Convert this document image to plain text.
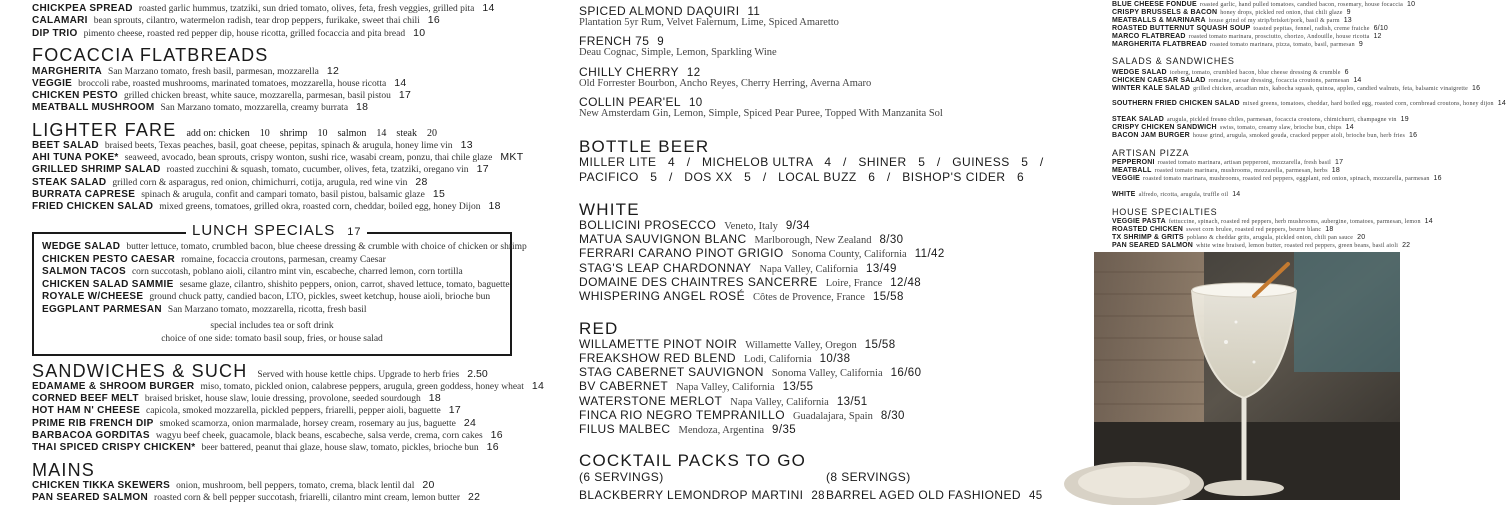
CHICKPEA SPREAD roasted garlic hummus, tzatziki, sun dried tomato, olives, feta, fresh veggies, grilled pita 14
CALAMARI bean sprouts, cilantro, watermelon radish, tear drop peppers, furikake, sweet thai chili 16
DIP TRIO pimento cheese, roasted red pepper dip, house ricotta, grilled focaccia and pita bread 10
FOCACCIA FLATBREADS
MARGHERITA San Marzano tomato, fresh basil, parmesan, mozzarella 12
VEGGIE broccoli rabe, roasted mushrooms, marinated tomatoes, mozzarella, house ricotta 14
CHICKEN PESTO grilled chicken breast, white sauce, mozzarella, parmesan, basil pistou 17
MEATBALL MUSHROOM San Marzano tomato, mozzarella, creamy burrata 18
LIGHTER FARE add on: chicken 10 shrimp 10 salmon 14 steak 20
BEET SALAD braised beets, Texas peaches, basil, goat cheese, pepitas, spinach & arugula, honey lime vin 13
AHI TUNA POKE* seaweed, avocado, bean sprouts, crispy wonton, sushi rice, wasabi cream, ponzu, thai chile glaze MKT
GRILLED SHRIMP SALAD roasted zucchini & squash, tomato, cucumber, olives, feta, tzatziki, oregano vin 17
STEAK SALAD grilled corn & asparagus, red onion, chimichurri, cotija, arugula, red wine vin 28
BURRATA CAPRESE spinach & arugula, confit and campari tomato, basil pistou, balsamic glaze 15
FRIED CHICKEN SALAD mixed greens, tomatoes, grilled okra, roasted corn, cheddar, boiled egg, honey Dijon 18
LUNCH SPECIALS 17
WEDGE SALAD butter lettuce, tomato, crumbled bacon, blue cheese dressing & crumble with choice of chicken or shrimp
CHICKEN PESTO CAESAR romaine, focaccia croutons, parmesan, creamy Caesar
SALMON TACOS corn succotash, poblano aioli, cilantro mint vin, escabeche, charred lemon, corn tortilla
CHICKEN SALAD SAMMIE sesame glaze, cilantro, shishito peppers, onion, carrot, shaved lettuce, tomato, baguette
ROYALE W/CHEESE ground chuck patty, candied bacon, LTO, pickles, sweet ketchup, house aioli, brioche bun
EGGPLANT PARMESAN San Marzano tomato, mozzarella, ricotta, fresh basil
special includes tea or soft drink
choice of one side: tomato basil soup, fries, or house salad
SANDWICHES & SUCH Served with house kettle chips. Upgrade to herb fries 2.50
EDAMAME & SHROOM BURGER miso, tomato, pickled onion, calabrese peppers, arugula, green goddess, honey wheat 14
CORNED BEEF MELT braised brisket, house slaw, louie dressing, provolone, seeded sourdough 18
HOT HAM N' CHEESE capicola, smoked mozzarella, pickled peppers, friarelli, pepper aioli, baguette 17
PRIME RIB FRENCH DIP smoked scamorza, onion marmalade, horsey cream, rosemary au jus, baguette 24
BARBACOA GORDITAS wagyu beef cheek, guacamole, black beans, escabeche, salsa verde, crema, corn cakes 16
THAI SPICED CRISPY CHICKEN* beer battered, peanut thai glaze, house slaw, tomato, pickles, brioche bun 16
MAINS
CHICKEN TIKKA SKEWERS onion, mushroom, bell peppers, tomato, crema, black lentil dal 20
PAN SEARED SALMON roasted corn & bell pepper succotash, friarelli, cilantro mint cream, lemon butter 22
SPICED ALMOND DAQUIRI 11
Plantation 5yr Rum, Velvet Falernum, Lime, Spiced Amaretto
FRENCH 75 9
Deau Cognac, Simple, Lemon, Sparkling Wine
CHILLY CHERRY 12
Old Forrester Bourbon, Ancho Reyes, Cherry Herring, Averna Amaro
COLLIN PEAR'EL 10
New Amsterdam Gin, Lemon, Simple, Spiced Pear Puree, Topped With Manzanita Sol
BOTTLE BEER
MILLER LITE   4   /   MICHELOB ULTRA   4   /   SHINER   5   /   GUINESS   5   /
PACIFICO   5   /   DOS XX   5   /   LOCAL BUZZ   6   /   BISHOP'S CIDER   6
WHITE
BOLLICINI PROSECCO Veneto, Italy 9/34
MATUA SAUVIGNON BLANC Marlborough, New Zealand 8/30
FERRARI CARANO PINOT GRIGIO Sonoma County, California 11/42
STAG'S LEAP CHARDONNAY Napa Valley, California 13/49
DOMAINE DES CHAINTRES SANCERRE Loire, France 12/48
WHISPERING ANGEL ROSÉ Côtes de Provence, France 15/58
RED
WILLAMETTE PINOT NOIR Willamette Valley, Oregon 15/58
FREAKSHOW RED BLEND Lodi, California 10/38
STAG CABERNET SAUVIGNON Sonoma Valley, California 16/60
BV CABERNET Napa Valley, California 13/55
WATERSTONE MERLOT Napa Valley, California 13/51
FINCA RIO NEGRO TEMPRANILLO Guadalajara, Spain 8/30
FILUS MALBEC Mendoza, Argentina 9/35
COCKTAIL PACKS TO GO
(6 SERVINGS)	(8 SERVINGS)
BLACKBERRY LEMONDROP MARTINI 28 BARREL AGED OLD FASHIONED 45
BLUE CHEESE FONDUE roasted garlic, hand pulled tomatoes, candied bacon, rosemary, house focaccia 10
CRISPY BRUSSELS & BACON honey drops, pickled red onion, thai chili glaze 9
MEATBALLS & MARINARA house grind of my strip/brisket/pork, basil & parm 13
ROASTED BUTTERNUT SQUASH SOUP toasted pepitas, fennel, radish, creme fraiche 6/10
MARCO FLATBREAD roasted tomato marinara, prosciutto, chorizo, Andouille, house ricotta 12
MARGHERITA FLATBREAD roasted tomato marinara, pizza, tomato, basil, parmesan 9
SALADS & SANDWICHES
WEDGE SALAD iceberg, tomato, crumbled bacon, blue cheese dressing & crumble 6
CHICKEN CAESAR SALAD romaine, caesar dressing, focaccia croutons, parmesan 14
WINTER KALE SALAD grilled chicken, arcadian mix, kabocha squash, quinoa, apples, candied walnuts, feta, balsamic vinaigrette 16
SOUTHERN FRIED CHICKEN SALAD mixed greens, tomatoes, cheddar, hard boiled egg, roasted corn, cornbread croutons, honey dijon 14
STEAK SALAD arugula, pickled fresno chiles, parmesan, focaccia croutons, chimichurri, champagne vin 19
CRISPY CHICKEN SANDWICH swiss, tomato, creamy slaw, brioche bun, chips 14
BACON JAM BURGER house grind, arugula, smoked gouda, cracked pepper aioli, brioche bun, herb fries 16
ARTISAN PIZZA
PEPPERONI roasted tomato marinara, artisan pepperoni, mozzarella, fresh basil 17
MEATBALL roasted tomato marinara, mushrooms, mozzarella, parmesan, herbs 18
VEGGIE roasted tomato marinara, mushrooms, roasted red peppers, eggplant, red onion, spinach, mozzarella, parmesan 16
WHITE alfredo, ricotta, arugula, truffle oil 14
HOUSE SPECIALTIES
VEGGIE PASTA fettuccine, spinach, roasted red peppers, herb mushrooms, aubergine, tomatoes, parmesan, lemon 14
ROASTED CHICKEN sweet corn brulee, roasted red peppers, beurre blanc 18
TX SHRIMP & GRITS poblano & cheddar grits, arugula, pickled onion, chili pan sauce 20
PAN SEARED SALMON white wine braised, lemon butter, roasted red peppers, green beans, basil aioli 22
